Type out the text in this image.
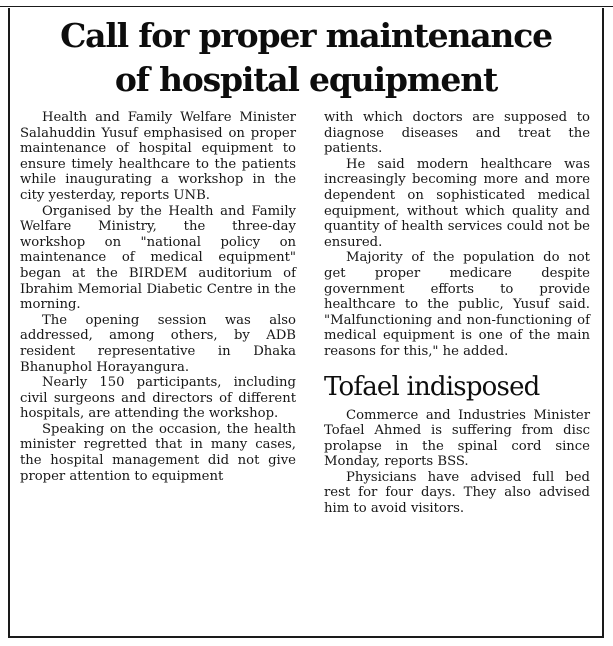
Call for proper maintenance
of hospital equipment

Health and Family Welfare Minister Salahuddin Yusuf emphasised on proper maintenance of hospital equipment to ensure timely healthcare to the patients while inaugurating a workshop in the city yesterday, reports UNB.

Organised by the Health and Family Welfare Ministry, the three-day workshop on "national policy on maintenance of medical equipment" began at the BIRDEM auditorium of Ibrahim Memorial Diabetic Centre in the morning.

The opening session was also addressed, among others, by ADB resident representative in Dhaka Bhanuphol Horayangura.

Nearly 150 participants, including civil surgeons and directors of different hospitals, are attending the workshop.

Speaking on the occasion, the health minister regretted that in many cases, the hospital management did not give proper attention to equipment

with which doctors are supposed to diagnose diseases and treat the patients.

He said modern healthcare was increasingly becoming more and more dependent on sophisticated medical equipment, without which quality and quantity of health services could not be ensured.

Majority of the population do not get proper medicare despite government efforts to provide healthcare to the public, Yusuf said. "Malfunctioning and non-functioning of medical equipment is one of the main reasons for this," he added.

Tofael indisposed

Commerce and Industries Minister Tofael Ahmed is suffering from disc prolapse in the spinal cord since Monday, reports BSS.

Physicians have advised full bed rest for four days. They also advised him to avoid visitors.
